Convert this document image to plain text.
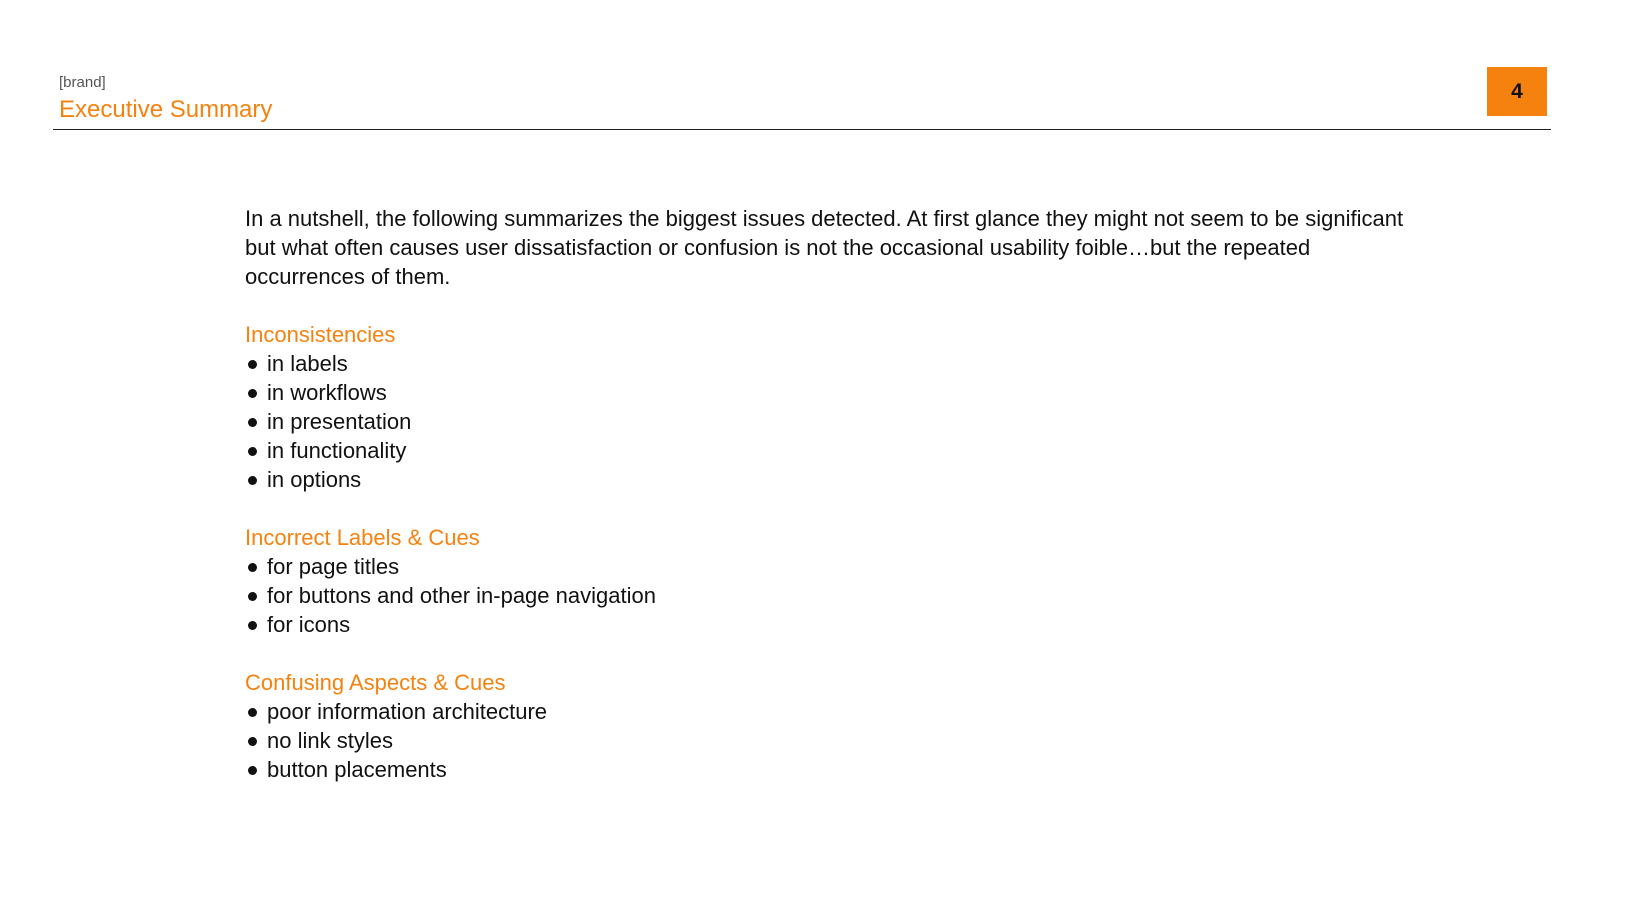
[brand]
Executive Summary
4

In a nutshell, the following summarizes the biggest issues detected. At first glance they might not seem to be significant but what often causes user dissatisfaction or confusion is not the occasional usability foible…but the repeated occurrences of them.

Inconsistencies
in labels
in workflows
in presentation
in functionality
in options
Incorrect Labels & Cues
for page titles
for buttons and other in-page navigation
for icons
Confusing Aspects & Cues
poor information architecture
no link styles
button placements
